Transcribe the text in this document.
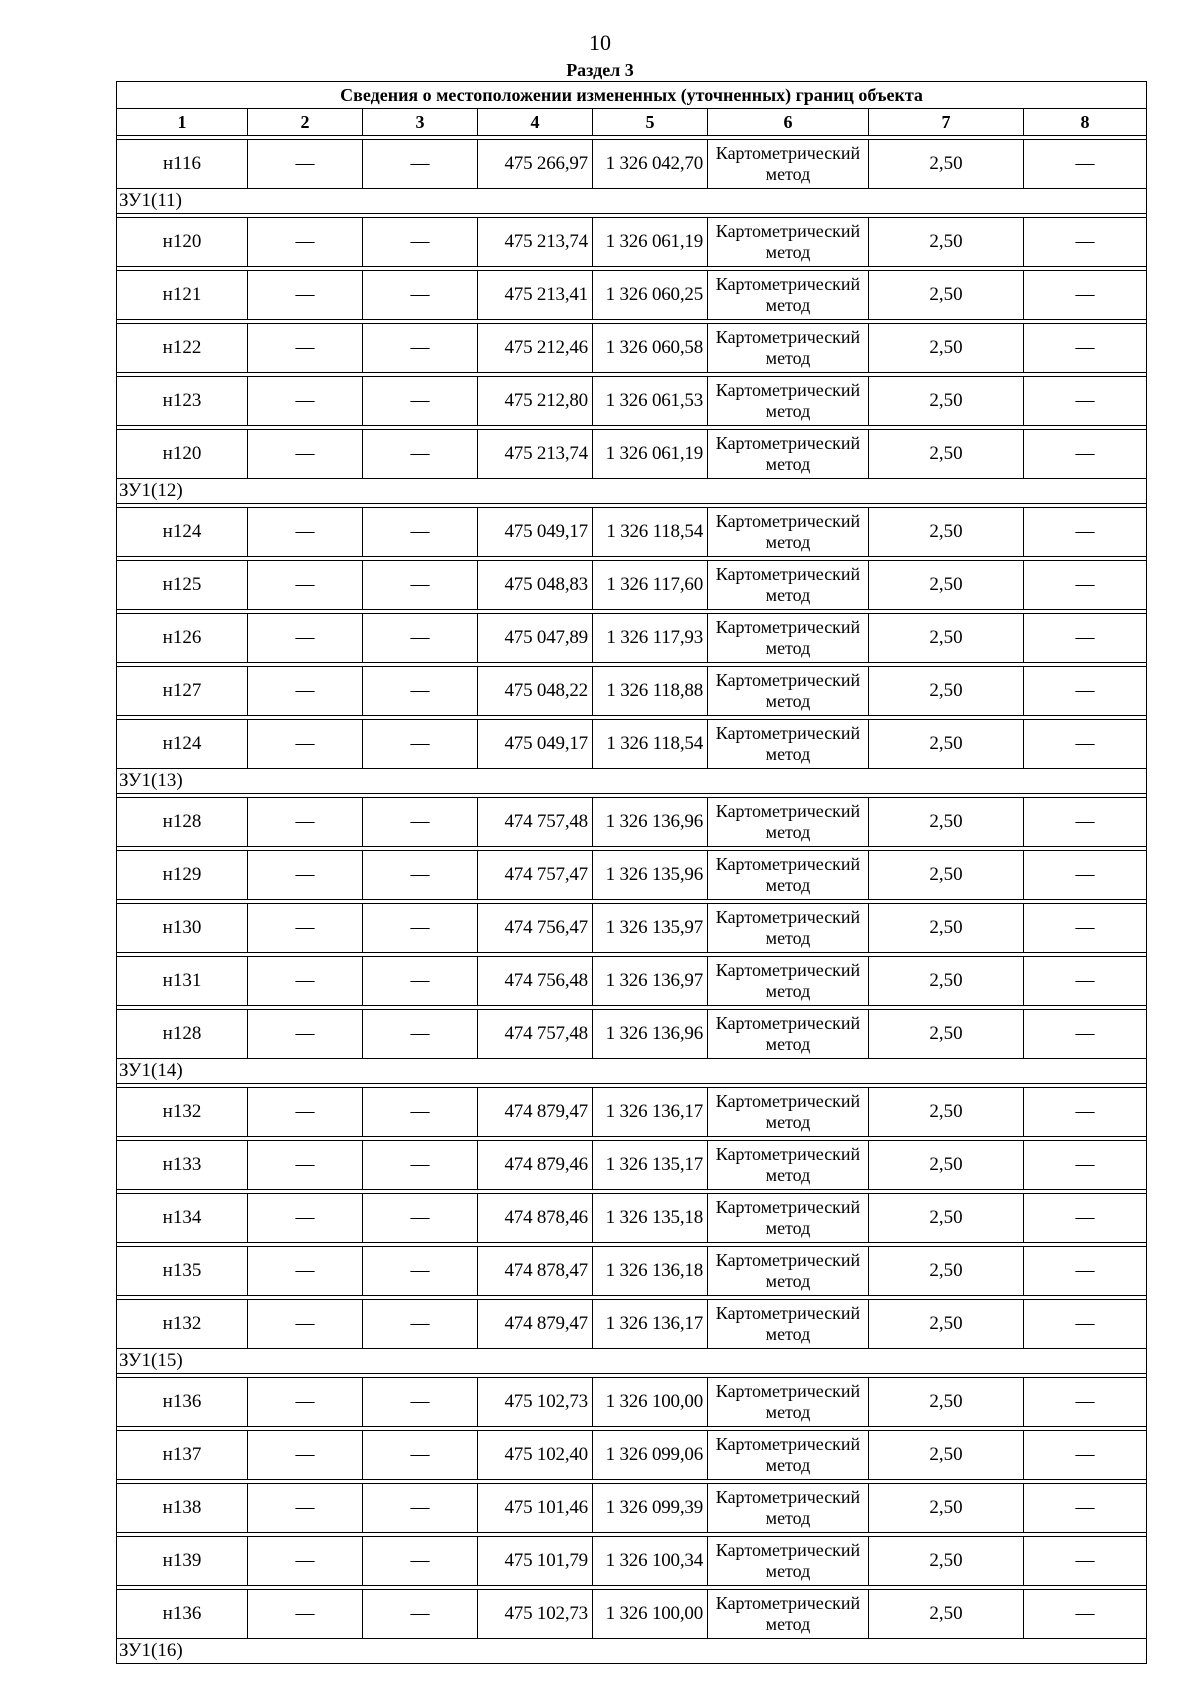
10
Раздел 3
Сведения о местоположении измененных (уточненных) границ объекта							
1	2	3	4	5	6	7	8

н116	—	—	475 266,97	1 326 042,70	Картометрический метод	2,50	—
ЗУ1(11)							

н120	—	—	475 213,74	1 326 061,19	Картометрический метод	2,50	—

н121	—	—	475 213,41	1 326 060,25	Картометрический метод	2,50	—

н122	—	—	475 212,46	1 326 060,58	Картометрический метод	2,50	—

н123	—	—	475 212,80	1 326 061,53	Картометрический метод	2,50	—

н120	—	—	475 213,74	1 326 061,19	Картометрический метод	2,50	—
ЗУ1(12)							

н124	—	—	475 049,17	1 326 118,54	Картометрический метод	2,50	—

н125	—	—	475 048,83	1 326 117,60	Картометрический метод	2,50	—

н126	—	—	475 047,89	1 326 117,93	Картометрический метод	2,50	—

н127	—	—	475 048,22	1 326 118,88	Картометрический метод	2,50	—

н124	—	—	475 049,17	1 326 118,54	Картометрический метод	2,50	—
ЗУ1(13)							

н128	—	—	474 757,48	1 326 136,96	Картометрический метод	2,50	—

н129	—	—	474 757,47	1 326 135,96	Картометрический метод	2,50	—

н130	—	—	474 756,47	1 326 135,97	Картометрический метод	2,50	—

н131	—	—	474 756,48	1 326 136,97	Картометрический метод	2,50	—

н128	—	—	474 757,48	1 326 136,96	Картометрический метод	2,50	—
ЗУ1(14)							

н132	—	—	474 879,47	1 326 136,17	Картометрический метод	2,50	—

н133	—	—	474 879,46	1 326 135,17	Картометрический метод	2,50	—

н134	—	—	474 878,46	1 326 135,18	Картометрический метод	2,50	—

н135	—	—	474 878,47	1 326 136,18	Картометрический метод	2,50	—

н132	—	—	474 879,47	1 326 136,17	Картометрический метод	2,50	—
ЗУ1(15)							

н136	—	—	475 102,73	1 326 100,00	Картометрический метод	2,50	—

н137	—	—	475 102,40	1 326 099,06	Картометрический метод	2,50	—

н138	—	—	475 101,46	1 326 099,39	Картометрический метод	2,50	—

н139	—	—	475 101,79	1 326 100,34	Картометрический метод	2,50	—

н136	—	—	475 102,73	1 326 100,00	Картометрический метод	2,50	—
ЗУ1(16)							
